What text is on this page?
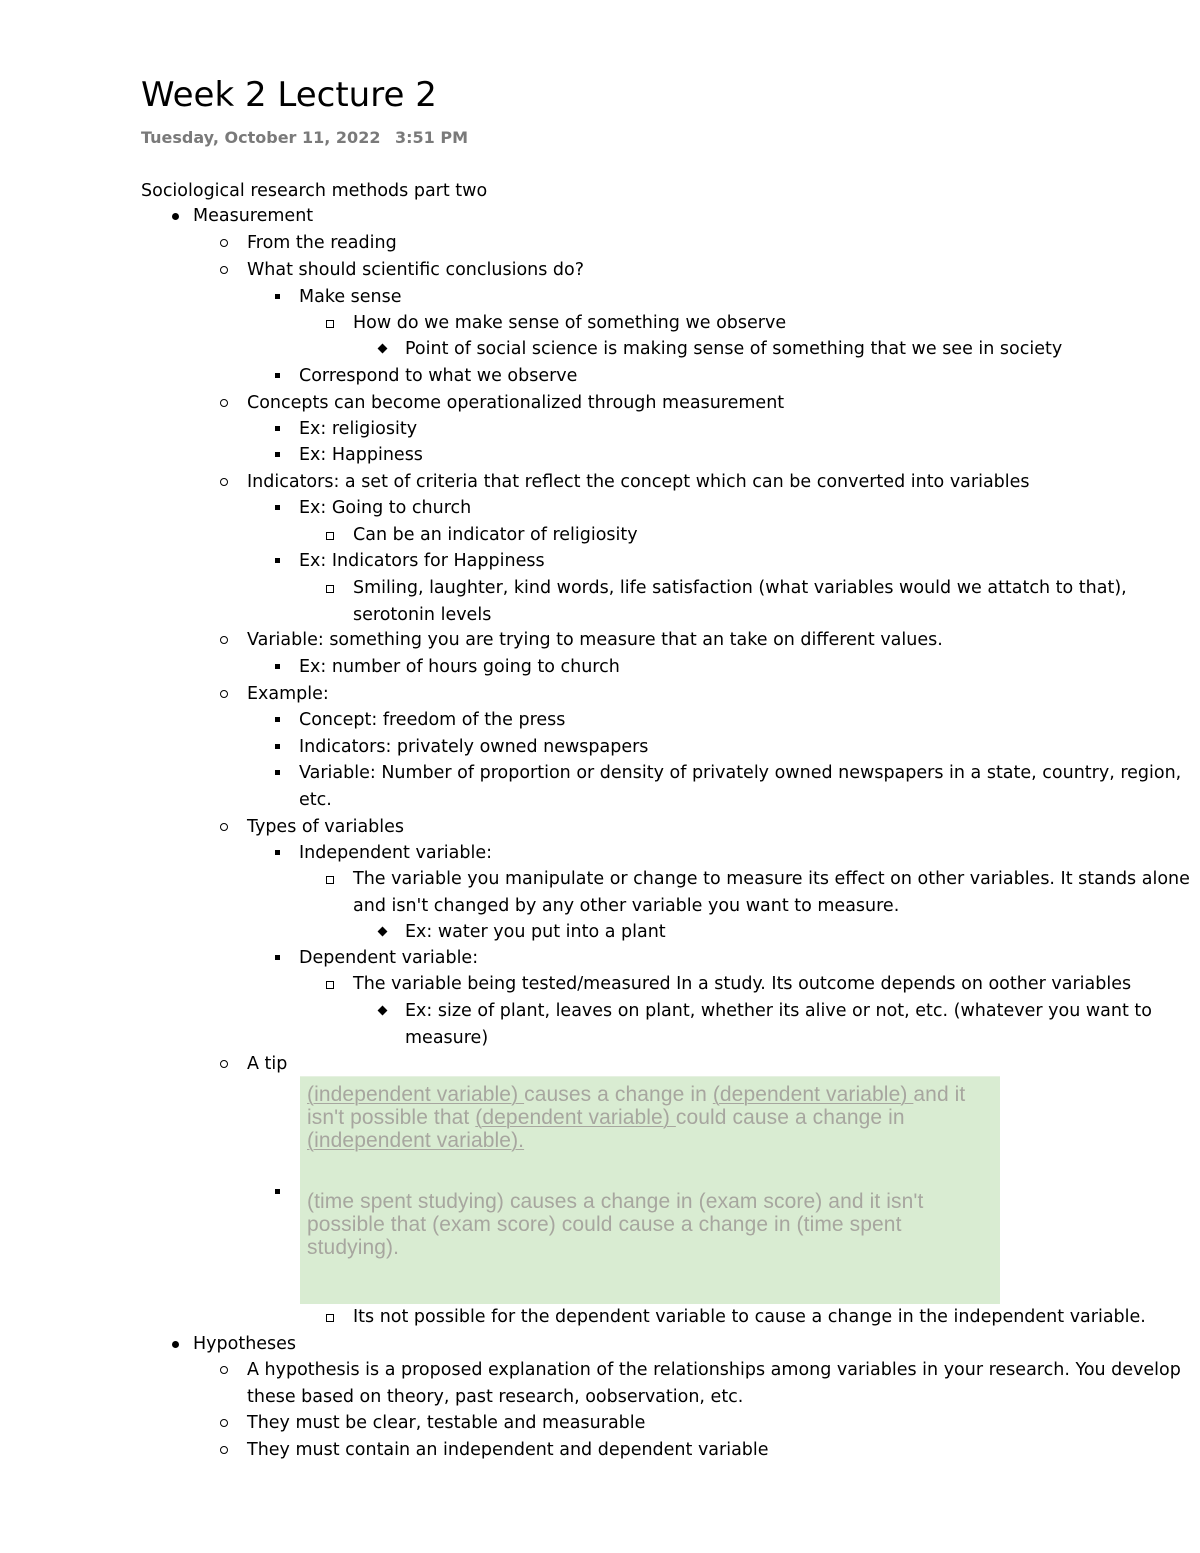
Week 2 Lecture 2
Tuesday, October 11, 2022 3:51 PM
Sociological research methods part two
Measurement
From the reading
What should scientific conclusions do?
Make sense
How do we make sense of something we observe
Point of social science is making sense of something that we see in society
Correspond to what we observe
Concepts can become operationalized through measurement
Ex: religiosity
Ex: Happiness
Indicators: a set of criteria that reflect the concept which can be converted into variables
Ex: Going to church
Can be an indicator of religiosity
Ex: Indicators for Happiness
Smiling, laughter, kind words, life satisfaction (what variables would we attatch to that), serotonin levels
Variable: something you are trying to measure that an take on different values.
Ex: number of hours going to church
Example:
Concept: freedom of the press
Indicators: privately owned newspapers
Variable: Number of proportion or density of privately owned newspapers in a state, country, region, etc.
Types of variables
Independent variable:
The variable you manipulate or change to measure its effect on other variables. It stands alone and isn't changed by any other variable you want to measure.
Ex: water you put into a plant
Dependent variable:
The variable being tested/measured In a study. Its outcome depends on oother variables
Ex: size of plant, leaves on plant, whether its alive or not, etc. (whatever you want to measure)
A tip
(independent variable) causes a change in (dependent variable) and it isn't possible that (dependent variable) could cause a change in (independent variable).
(time spent studying) causes a change in (exam score) and it isn't possible that (exam score) could cause a change in (time spent studying).
Its not possible for the dependent variable to cause a change in the independent variable.
Hypotheses
A hypothesis is a proposed explanation of the relationships among variables in your research. You develop these based on theory, past research, oobservation, etc.
They must be clear, testable and measurable
They must contain an independent and dependent variable
